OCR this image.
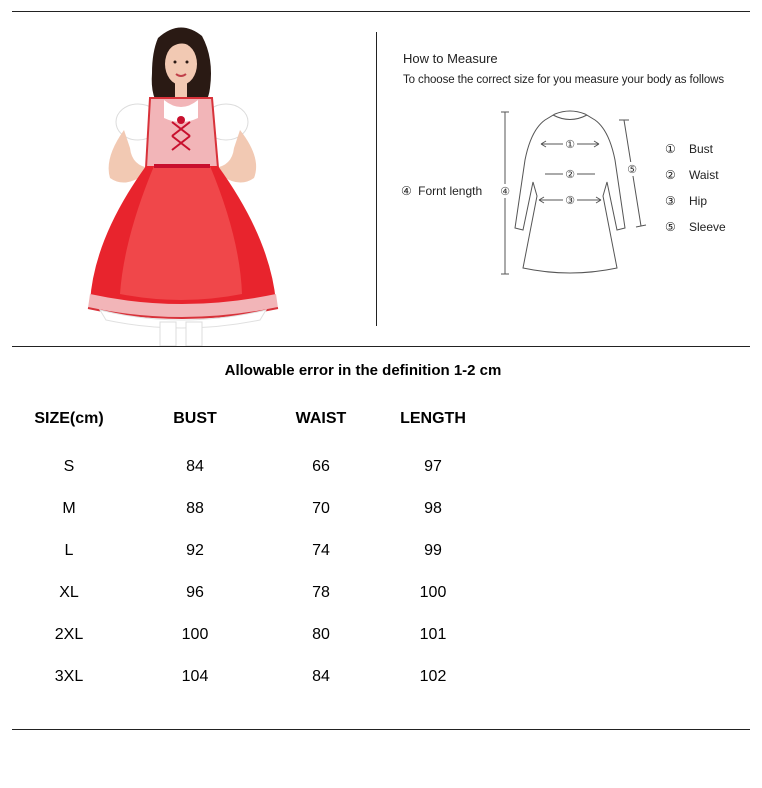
How to Measure
To choose the correct size for you measure your body as follows
①
②
③
④
⑤
④ Fornt length
①	Bust
②	Waist
③	Hip
⑤	Sleeve
Allowable error in the definition 1-2 cm
SIZE(cm)	BUST	WAIST	LENGTH
S	84	66	97
M	88	70	98
L	92	74	99
XL	96	78	100
2XL	100	80	101
3XL	104	84	102
